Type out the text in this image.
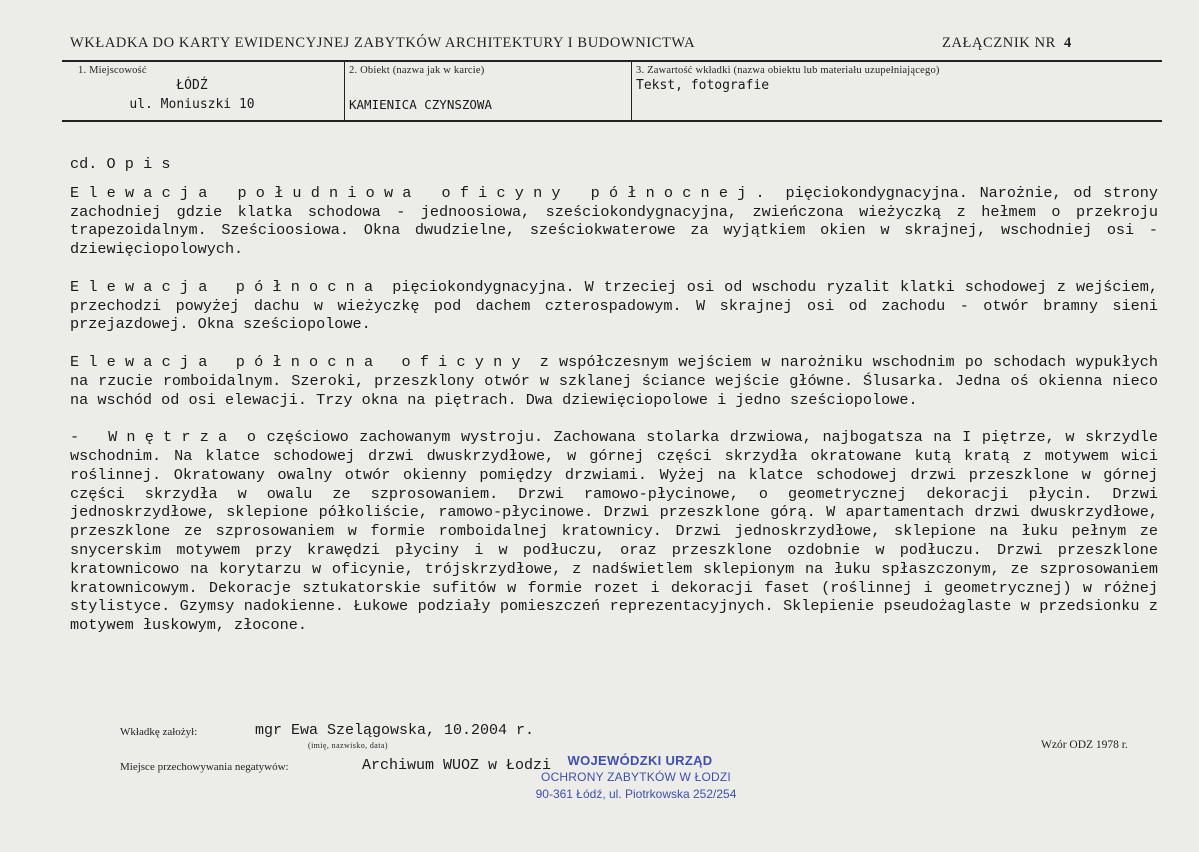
WKŁADKA DO KARTY EWIDENCYJNEJ ZABYTKÓW ARCHITEKTURY I BUDOWNICTWA	ZAŁĄCZNIK NR 4
1. Miejscowość
ŁÓDŹ
ul. Moniuszki 10
2. Obiekt (nazwa jak w karcie)
KAMIENICA CZYNSZOWA
3. Zawartość wkładki (nazwa obiektu lub materiału uzupełniającego)
Tekst, fotografie

cd. Opis

Elewacja południowa oficyny północnej. pięciokondygnacyjna. Narożnie, od strony zachodniej gdzie klatka schodowa - jednoosiowa, sześciokondygnacyjna, zwieńczona wieżyczką z hełmem o przekroju trapezoidalnym. Sześcioosiowa. Okna dwudzielne, sześciokwaterowe za wyjątkiem okien w skrajnej, wschodniej osi - dziewięciopolowych.

Elewacja północna pięciokondygnacyjna. W trzeciej osi od wschodu ryzalit klatki schodowej z wejściem, przechodzi powyżej dachu w wieżyczkę pod dachem czterospadowym. W skrajnej osi od zachodu - otwór bramny sieni przejazdowej. Okna sześciopolowe.

Elewacja północna oficyny z współczesnym wejściem w narożniku wschodnim po schodach wypukłych na rzucie romboidalnym. Szeroki, przeszklony otwór w szklanej ściance wejście główne. Ślusarka. Jedna oś okienna nieco na wschód od osi elewacji. Trzy okna na piętrach. Dwa dziewięciopolowe i jedno sześciopolowe.

- Wnętrza o częściowo zachowanym wystroju. Zachowana stolarka drzwiowa, najbogatsza na I piętrze, w skrzydle wschodnim. Na klatce schodowej drzwi dwuskrzydłowe, w górnej części skrzydła okratowane kutą kratą z motywem wici roślinnej. Okratowany owalny otwór okienny pomiędzy drzwiami. Wyżej na klatce schodowej drzwi przeszklone w górnej części skrzydła w owalu ze szprosowaniem. Drzwi ramowo-płycinowe, o geometrycznej dekoracji płycin. Drzwi jednoskrzydłowe, sklepione półkoliście, ramowo-płycinowe. Drzwi przeszklone górą. W apartamentach drzwi dwuskrzydłowe, przeszklone ze szprosowaniem w formie romboidalnej kratownicy. Drzwi jednoskrzydłowe, sklepione na łuku pełnym ze snycerskim motywem przy krawędzi płyciny i w podłuczu, oraz przeszklone ozdobnie w podłuczu. Drzwi przeszklone kratownicowo na korytarzu w oficynie, trójskrzydłowe, z nadświetlem sklepionym na łuku spłaszczonym, ze szprosowaniem kratownicowym. Dekoracje sztukatorskie sufitów w formie rozet i dekoracji faset (roślinnej i geometrycznej) w różnej stylistyce. Gzymsy nadokienne. Łukowe podziały pomieszczeń reprezentacyjnych. Sklepienie pseudożaglaste w przedsionku z motywem łuskowym, złocone.

Wkładkę założył:	mgr Ewa Szelągowska, 10.2004 r.
(imię, nazwisko, data)	Wzór ODZ 1978 r.
Miejsce przechowywania negatywów:	Archiwum WUOZ w Łodzi	WOJEWÓDZKI URZĄD
OCHRONY ZABYTKÓW W ŁODZI
90-361 Łódź, ul. Piotrkowska 252/254
